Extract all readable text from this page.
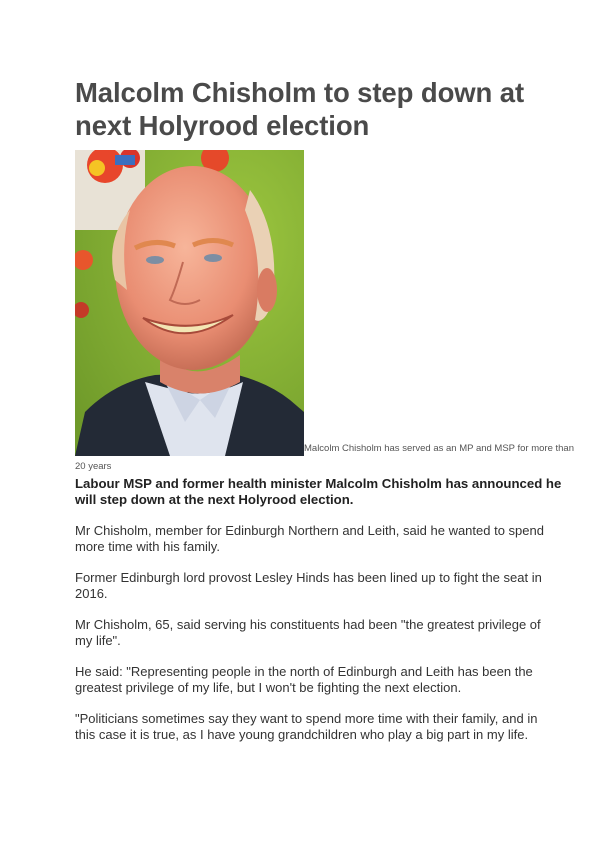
Malcolm Chisholm to step down at next Holyrood election
Malcolm Chisholm has served as an MP and MSP for more than 20 years

Labour MSP and former health minister Malcolm Chisholm has announced he will step down at the next Holyrood election.

Mr Chisholm, member for Edinburgh Northern and Leith, said he wanted to spend more time with his family.

Former Edinburgh lord provost Lesley Hinds has been lined up to fight the seat in 2016.

Mr Chisholm, 65, said serving his constituents had been "the greatest privilege of my life".

He said: "Representing people in the north of Edinburgh and Leith has been the greatest privilege of my life, but I won't be fighting the next election.

"Politicians sometimes say they want to spend more time with their family, and in this case it is true, as I have young grandchildren who play a big part in my life.
